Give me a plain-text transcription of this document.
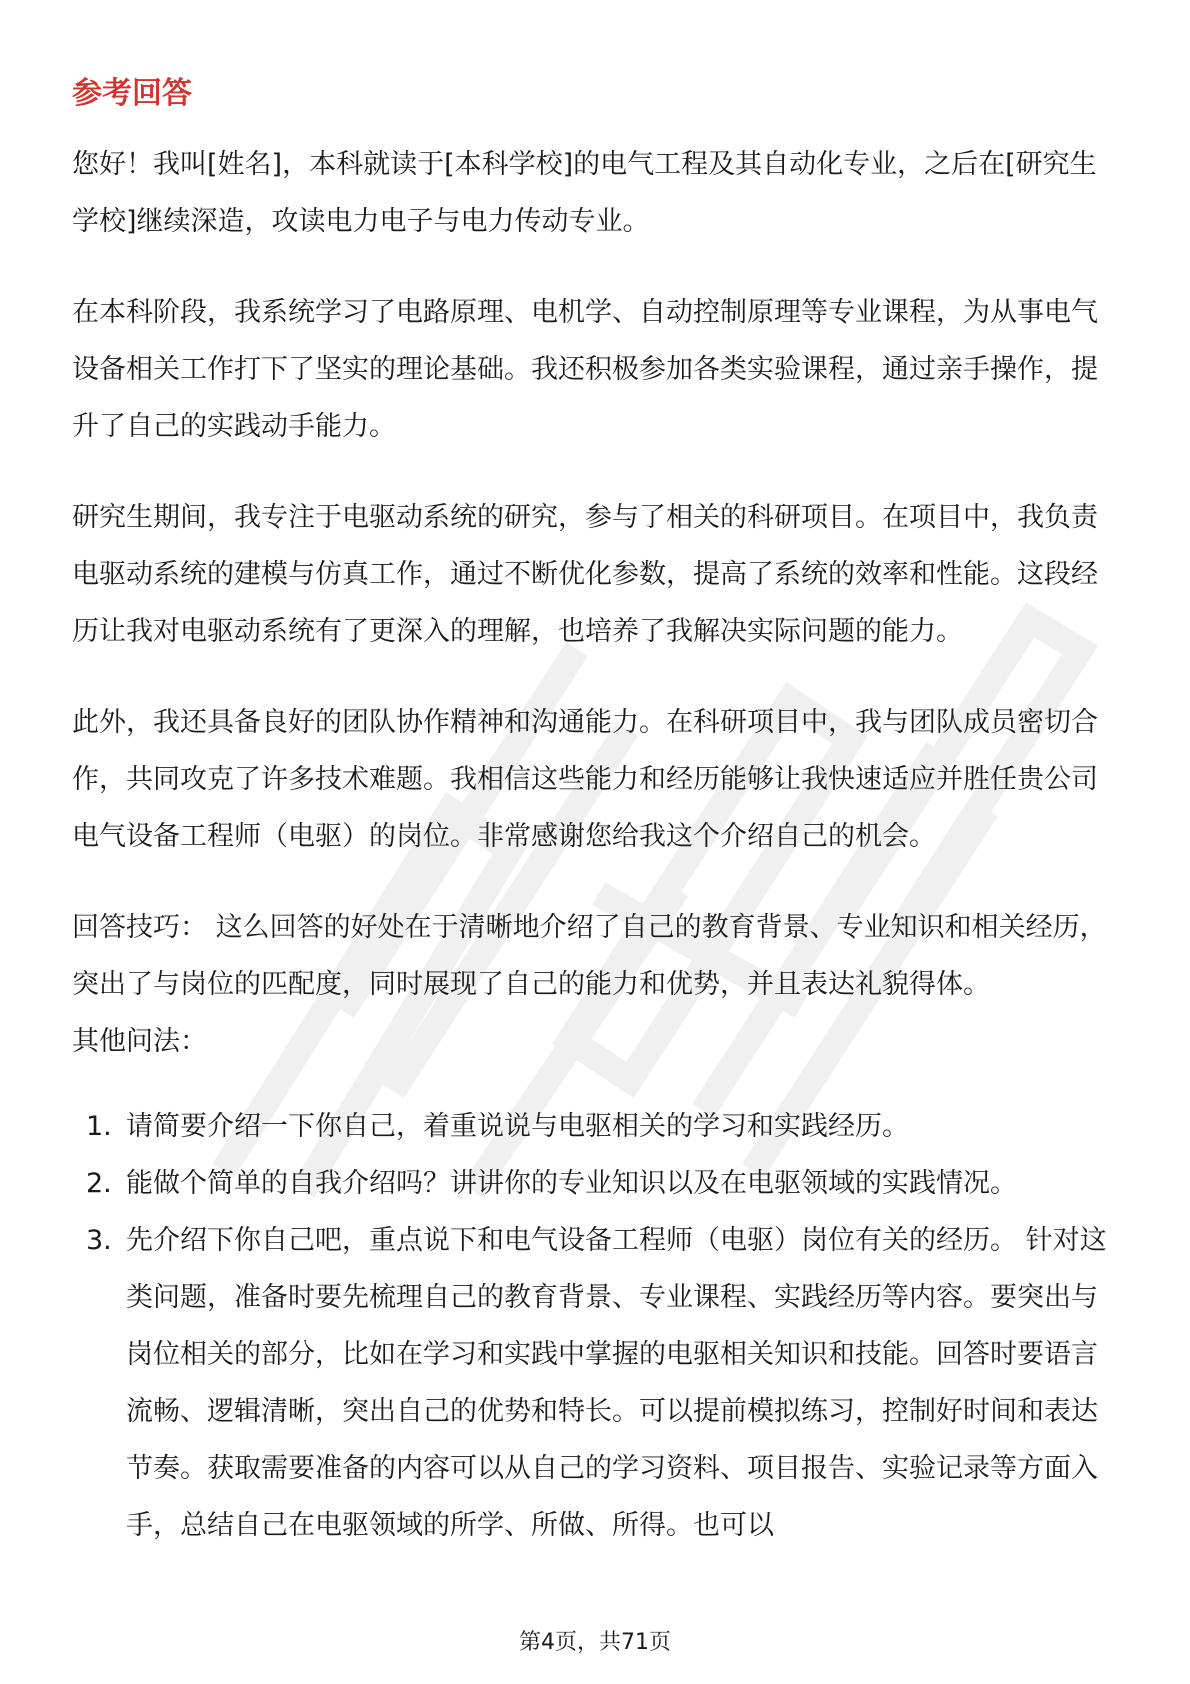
参考回答

您好！我叫[姓名]，本科就读于[本科学校]的电气工程及其自动化专业，之后在[研究生学校]继续深造，攻读电力电子与电力传动专业。

在本科阶段，我系统学习了电路原理、电机学、自动控制原理等专业课程，为从事电气设备相关工作打下了坚实的理论基础。我还积极参加各类实验课程，通过亲手操作，提升了自己的实践动手能力。

研究生期间，我专注于电驱动系统的研究，参与了相关的科研项目。在项目中，我负责电驱动系统的建模与仿真工作，通过不断优化参数，提高了系统的效率和性能。这段经历让我对电驱动系统有了更深入的理解，也培养了我解决实际问题的能力。

此外，我还具备良好的团队协作精神和沟通能力。在科研项目中，我与团队成员密切合作，共同攻克了许多技术难题。我相信这些能力和经历能够让我快速适应并胜任贵公司电气设备工程师（电驱）的岗位。非常感谢您给我这个介绍自己的机会。

回答技巧： 这么回答的好处在于清晰地介绍了自己的教育背景、专业知识和相关经历，突出了与岗位的匹配度，同时展现了自己的能力和优势，并且表达礼貌得体。
其他问法：

1. 请简要介绍一下你自己，着重说说与电驱相关的学习和实践经历。
2. 能做个简单的自我介绍吗？讲讲你的专业知识以及在电驱领域的实践情况。
3. 先介绍下你自己吧，重点说下和电气设备工程师（电驱）岗位有关的经历。 针对这类问题，准备时要先梳理自己的教育背景、专业课程、实践经历等内容。要突出与岗位相关的部分，比如在学习和实践中掌握的电驱相关知识和技能。回答时要语言流畅、逻辑清晰，突出自己的优势和特长。可以提前模拟练习，控制好时间和表达节奏。获取需要准备的内容可以从自己的学习资料、项目报告、实验记录等方面入手，总结自己在电驱领域的所学、所做、所得。也可以
第4页，共71页
